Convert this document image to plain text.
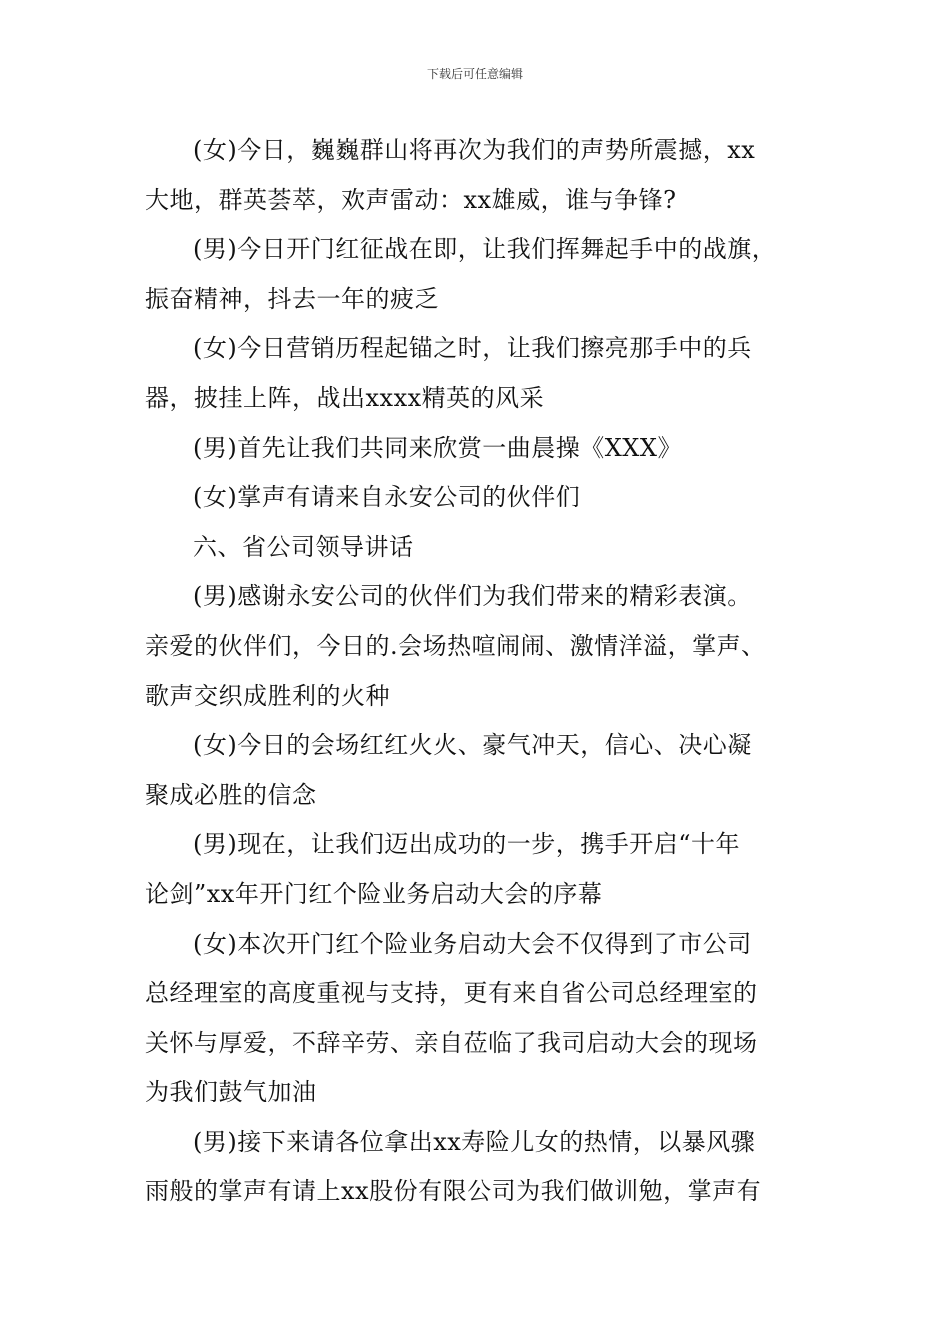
下载后可任意编辑

(女)今日，巍巍群山将再次为我们的声势所震撼，xx
大地，群英荟萃，欢声雷动：xx雄威，谁与争锋?

(男)今日开门红征战在即，让我们挥舞起手中的战旗，
振奋精神，抖去一年的疲乏

(女)今日营销历程起锚之时，让我们擦亮那手中的兵
器，披挂上阵，战出xxxx精英的风采

(男)首先让我们共同来欣赏一曲晨操《XXX》

(女)掌声有请来自永安公司的伙伴们

六、省公司领导讲话

(男)感谢永安公司的伙伴们为我们带来的精彩表演。
亲爱的伙伴们，今日的.会场热喧闹闹、激情洋溢，掌声、
歌声交织成胜利的火种

(女)今日的会场红红火火、豪气冲天，信心、决心凝
聚成必胜的信念

(男)现在，让我们迈出成功的一步，携手开启“十年
论剑”xx年开门红个险业务启动大会的序幕

(女)本次开门红个险业务启动大会不仅得到了市公司
总经理室的高度重视与支持，更有来自省公司总经理室的
关怀与厚爱，不辞辛劳、亲自莅临了我司启动大会的现场
为我们鼓气加油

(男)接下来请各位拿出xx寿险儿女的热情，以暴风骤
雨般的掌声有请上xx股份有限公司为我们做训勉，掌声有
